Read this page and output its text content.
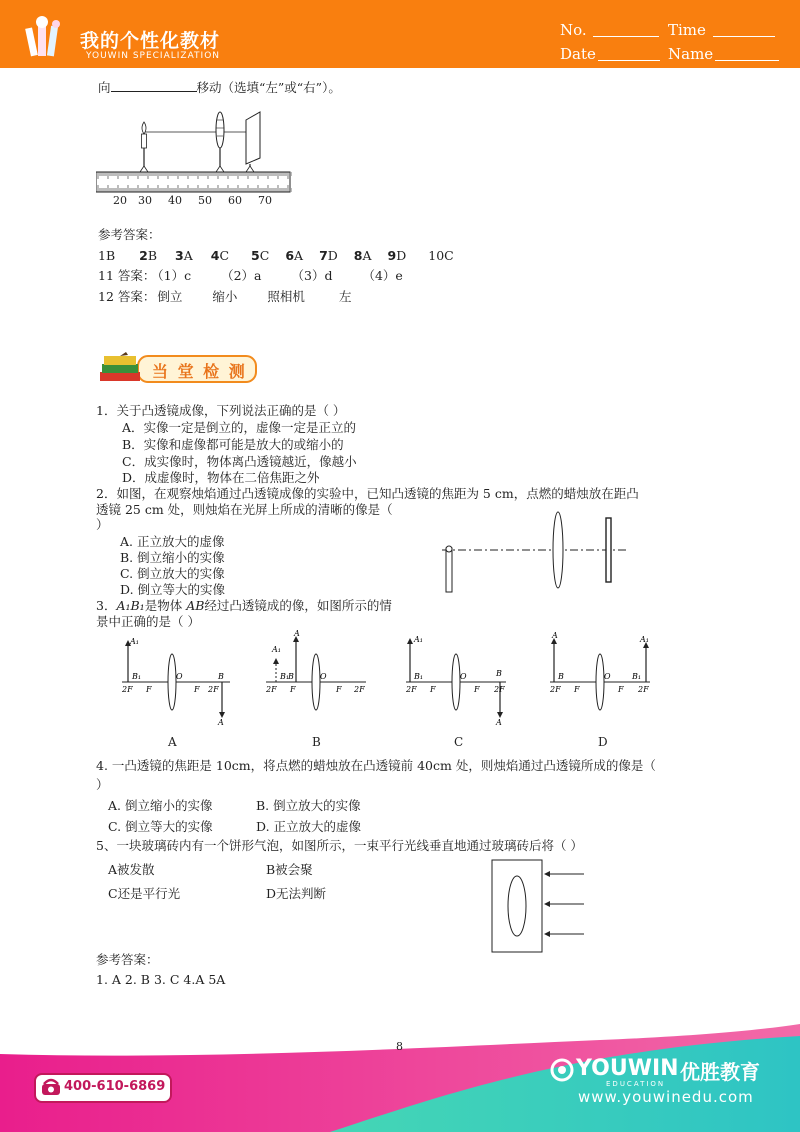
我的个性化教材
YOUWIN SPECIALIZATION
No.	Time
Date	Name
向	移动（选填“左”或“右”）。
20 30 40 50 60 70
参考答案：
1B 2B 3A 4C 5C 6A 7D 8A 9D 10C
11 答案： （1）c （2）a （3）d （4）e
12 答案： 倒立 缩小 照相机	左
当 堂 检 测
1．关于凸透镜成像，下列说法正确的是（ ）
A．实像一定是倒立的，虚像一定是正立的
B．实像和虚像都可能是放大的或缩小的
C．成实像时，物体离凸透镜越近，像越小
D．成虚像时，物体在二倍焦距之外
2．如图，在观察烛焰通过凸透镜成像的实验中，已知凸透镜的焦距为 5 cm，点燃的蜡烛放在距凸
透镜 25 cm 处，则烛焰在光屏上所成的清晰的像是（
）
A. 正立放大的虚像
B. 倒立缩小的实像
C. 倒立放大的实像
D. 倒立等大的实像
3．A₁B₁是物体 AB经过凸透镜成的像，如图所示的情
景中正确的是（ ）
A₁
B₁
2F F
O
F 2F
B
A
A₁
B₁
A
B
2F F
O
F 2F
A₁
B₁
2F F
O
F 2F
B
A
A
B
A₁
B₁
2F F
O
F 2F
A	B	C	D
4. 一凸透镜的焦距是 10cm，将点燃的蜡烛放在凸透镜前 40cm 处，则烛焰通过凸透镜所成的像是（
）
A. 倒立缩小的实像	B. 倒立放大的实像
C. 倒立等大的实像	D. 正立放大的虚像
5、一块玻璃砖内有一个饼形气泡，如图所示，一束平行光线垂直地通过玻璃砖后将（ ）
A被发散	B被会聚
C还是平行光	D无法判断
参考答案：
1. A 2. B 3. C 4.A 5A
8
400-610-6869
YOUWIN 优胜教育
EDUCATION
www.youwinedu.com
